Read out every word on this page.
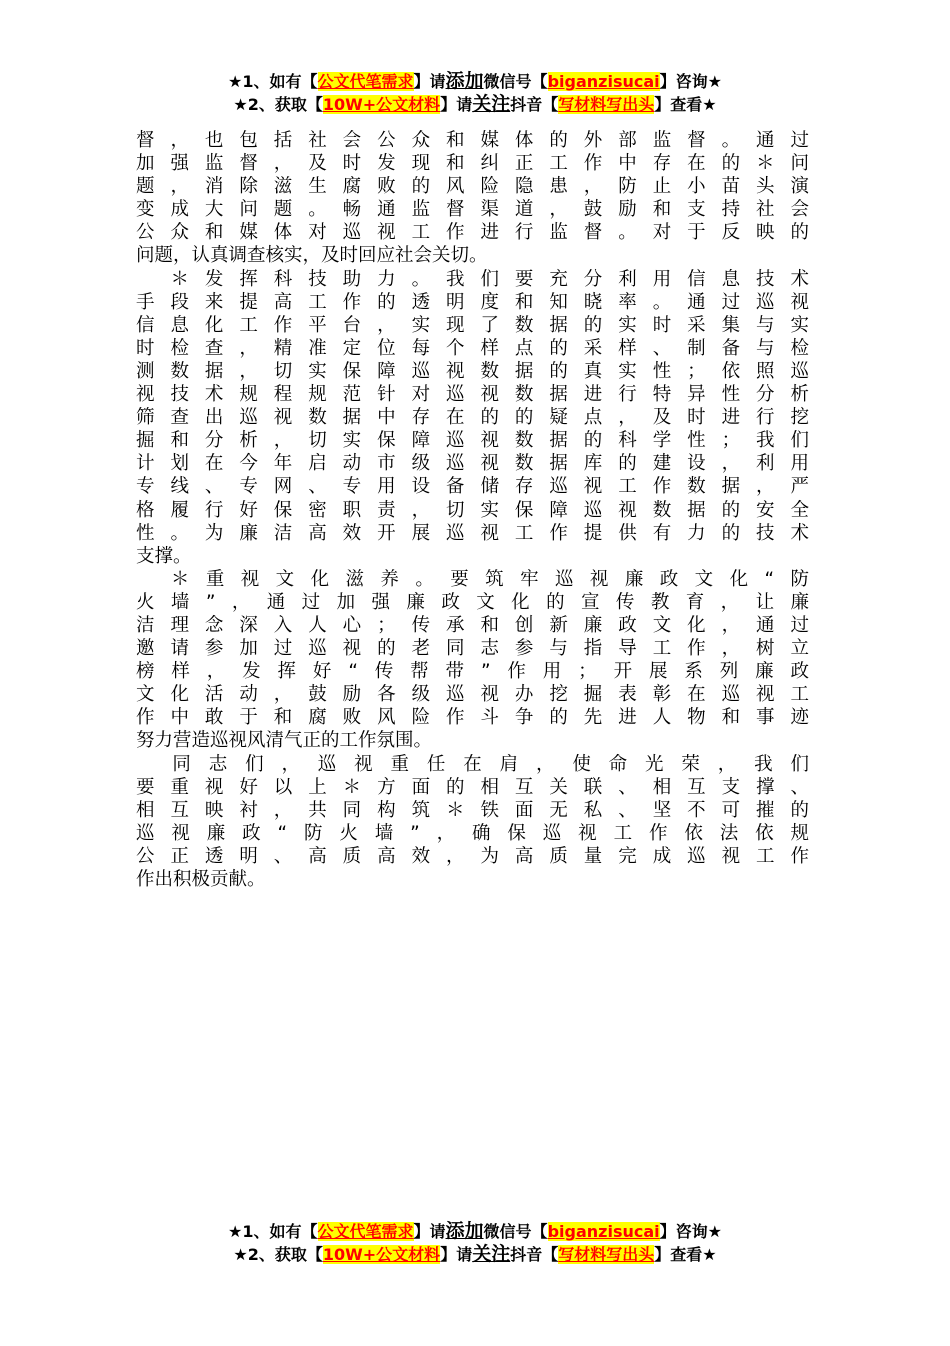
★1、如有【公文代笔需求】请添加微信号【biganzisucai】咨询★
★2、获取【10W+公文材料】请关注抖音【写材料写出头】查看★
督，也包括社会公众和媒体的外部监督。通过
加强监督，及时发现和纠正工作中存在的＊问
题，消除滋生腐败的风险隐患，防止小苗头演
变成大问题。畅通监督渠道，鼓励和支持社会
公众和媒体对巡视工作进行监督。对于反映的
问题，认真调查核实，及时回应社会关切。
　＊发挥科技助力。我们要充分利用信息技术
手段来提高工作的透明度和知晓率。通过巡视
信息化工作平台，实现了数据的实时采集与实
时检查，精准定位每个样点的采样、制备与检
测数据，切实保障巡视数据的真实性；依照巡
视技术规程规范针对巡视数据进行特异性分析
筛查出巡视数据中存在的的疑点，及时进行挖
掘和分析，切实保障巡视数据的科学性；我们
计划在今年启动市级巡视数据库的建设，利用
专线、专网、专用设备储存巡视工作数据，严
格履行好保密职责，切实保障巡视数据的安全
性。为廉洁高效开展巡视工作提供有力的技术
支撑。
　＊重视文化滋养。要筑牢巡视廉政文化“防
火墙”，通过加强廉政文化的宣传教育，让廉
洁理念深入人心；传承和创新廉政文化，通过
邀请参加过巡视的老同志参与指导工作，树立
榜样，发挥好“传帮带”作用；开展系列廉政
文化活动，鼓励各级巡视办挖掘表彰在巡视工
作中敢于和腐败风险作斗争的先进人物和事迹
努力营造巡视风清气正的工作氛围。
　同志们，巡视重任在肩，使命光荣，我们
要重视好以上＊方面的相互关联、相互支撑、
相互映衬，共同构筑＊铁面无私、坚不可摧的
巡视廉政“防火墙”，确保巡视工作依法依规
公正透明、高质高效，为高质量完成巡视工作
作出积极贡献。
★1、如有【公文代笔需求】请添加微信号【biganzisucai】咨询★
★2、获取【10W+公文材料】请关注抖音【写材料写出头】查看★
